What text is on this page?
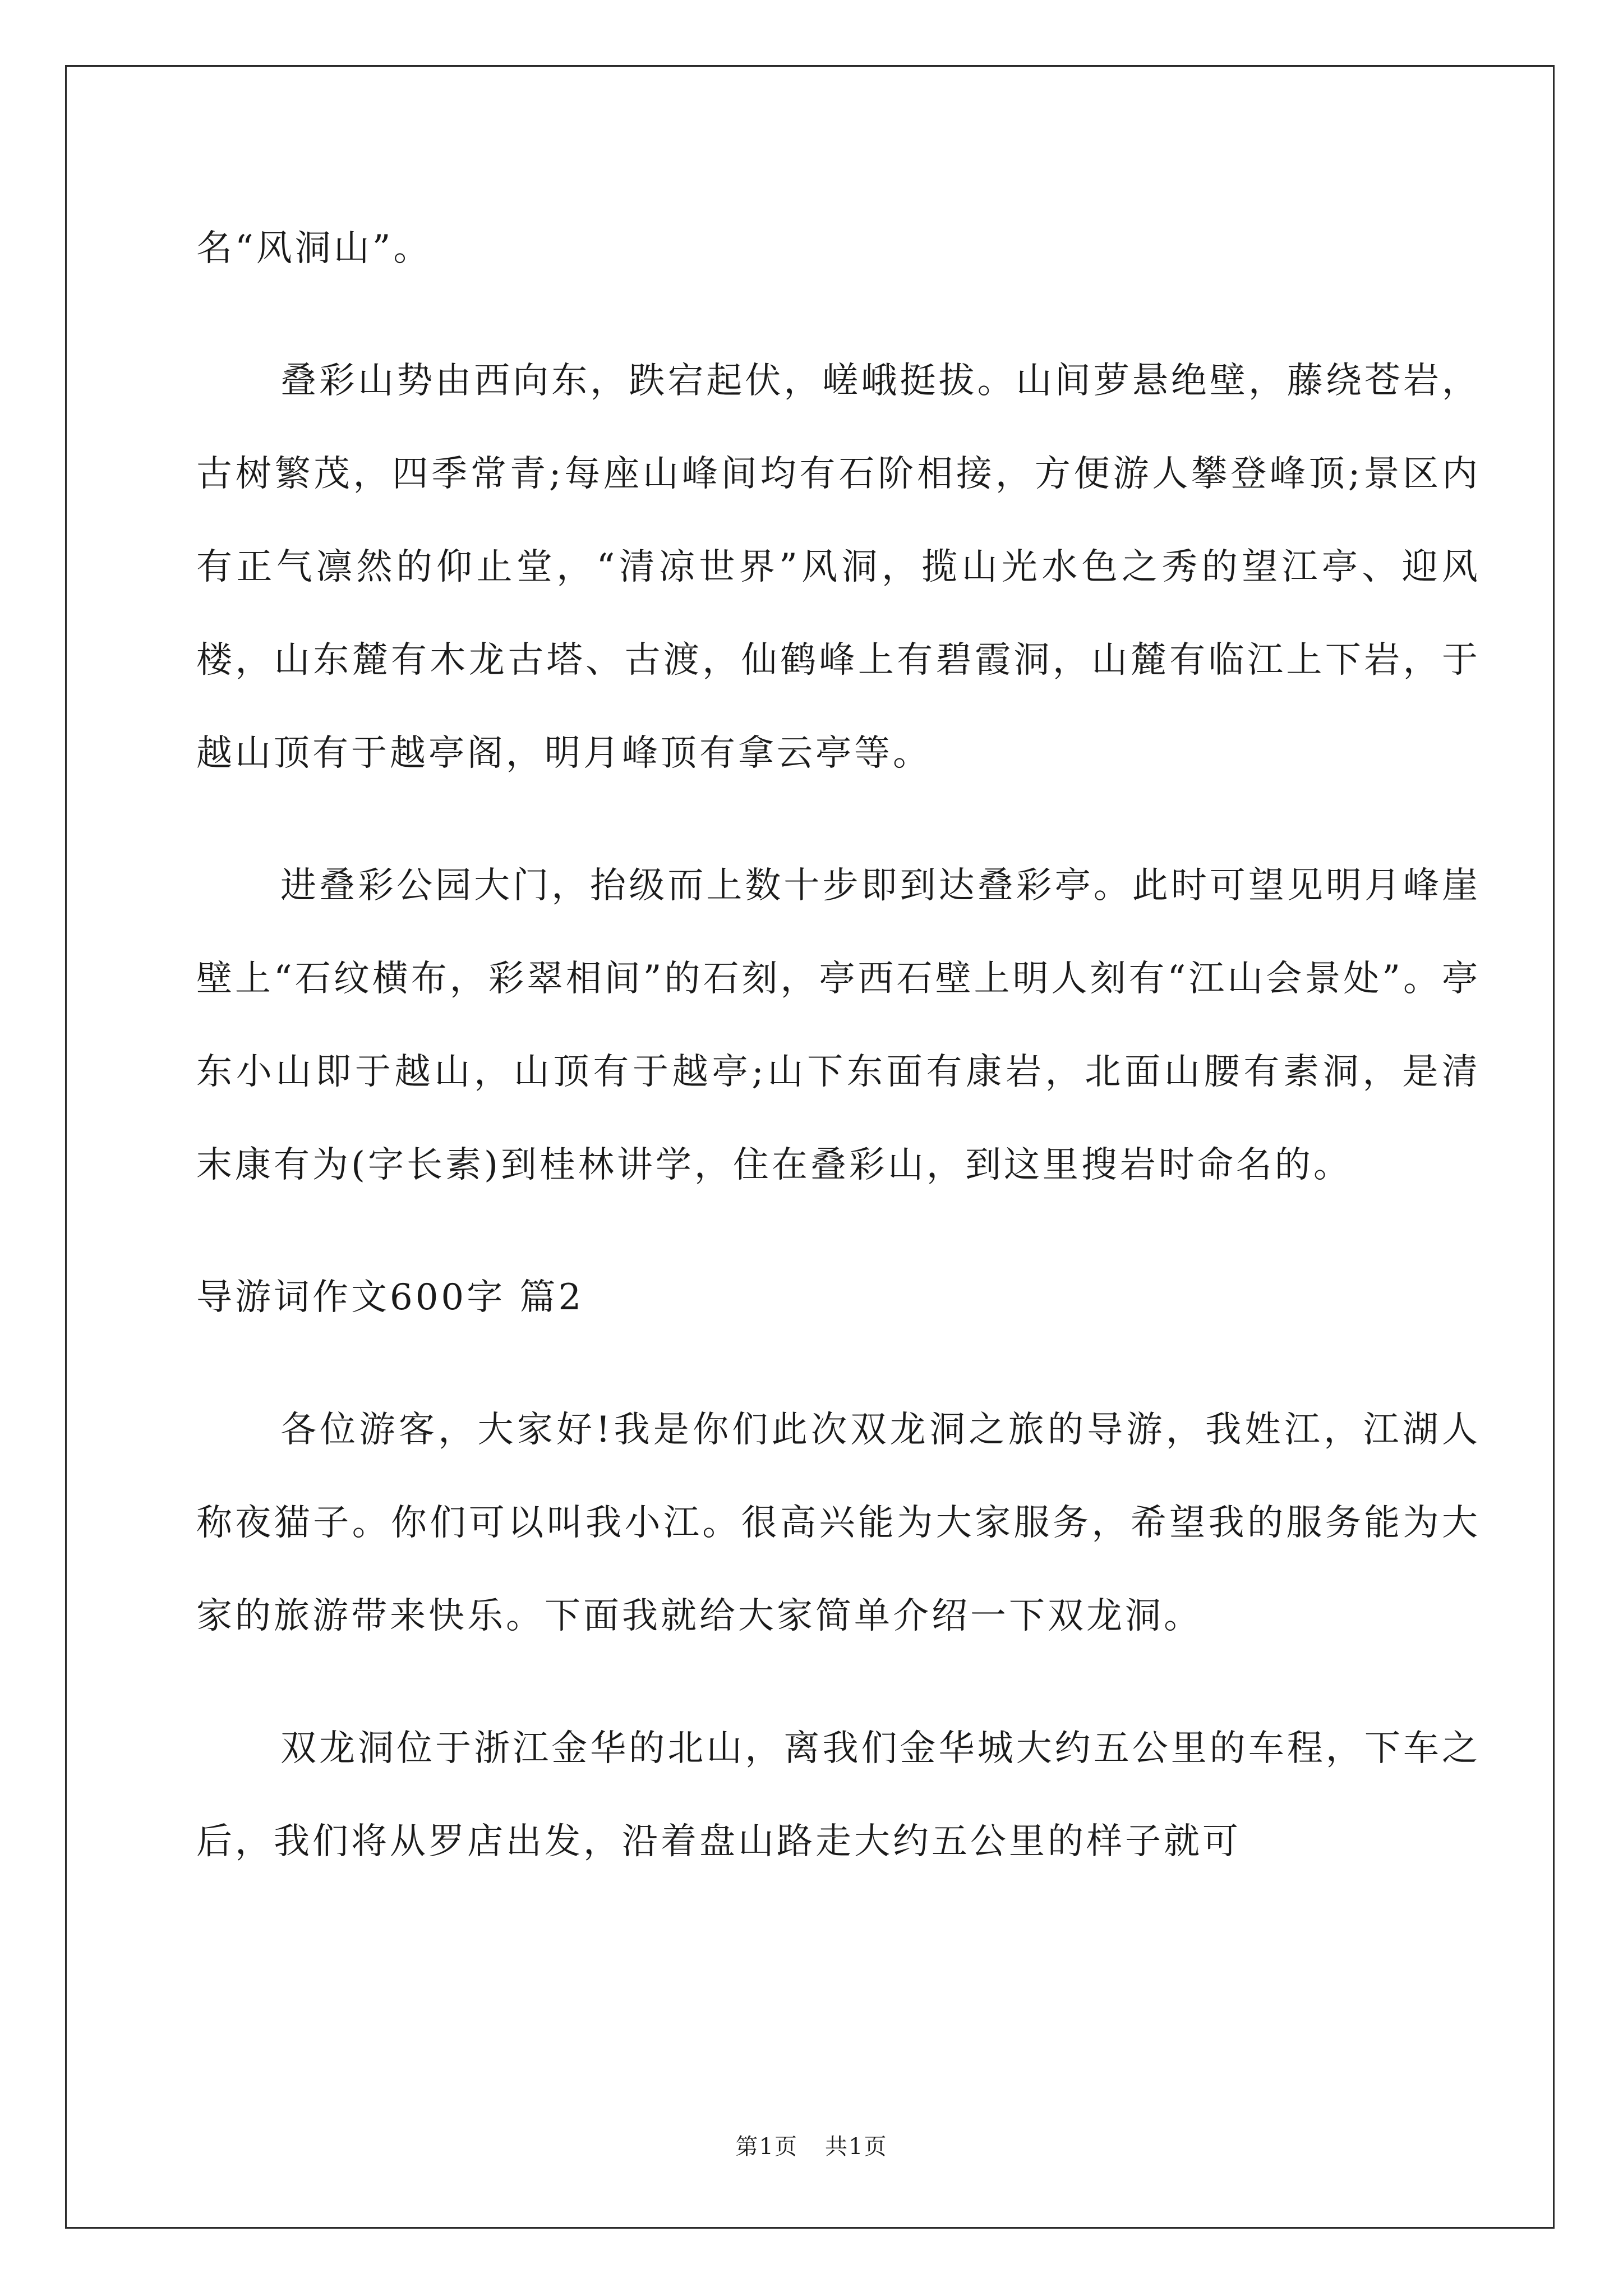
名“风洞山”。

叠彩山势由西向东，跌宕起伏，嵯峨挺拔。山间萝悬绝壁，藤绕苍岩，古树繁茂，四季常青;每座山峰间均有石阶相接，方便游人攀登峰顶;景区内有正气凛然的仰止堂，“清凉世界”风洞，揽山光水色之秀的望江亭、迎风楼，山东麓有木龙古塔、古渡，仙鹤峰上有碧霞洞，山麓有临江上下岩，于越山顶有于越亭阁，明月峰顶有拿云亭等。

进叠彩公园大门，抬级而上数十步即到达叠彩亭。此时可望见明月峰崖壁上“石纹横布，彩翠相间”的石刻，亭西石壁上明人刻有“江山会景处”。亭东小山即于越山，山顶有于越亭;山下东面有康岩，北面山腰有素洞，是清末康有为(字长素)到桂林讲学，住在叠彩山，到这里搜岩时命名的。

导游词作文600字 篇2

各位游客，大家好!我是你们此次双龙洞之旅的导游，我姓江，江湖人称夜猫子。你们可以叫我小江。很高兴能为大家服务，希望我的服务能为大家的旅游带来快乐。下面我就给大家简单介绍一下双龙洞。

双龙洞位于浙江金华的北山，离我们金华城大约五公里的车程，下车之后，我们将从罗店出发，沿着盘山路走大约五公里的样子就可

第1页 共1页
